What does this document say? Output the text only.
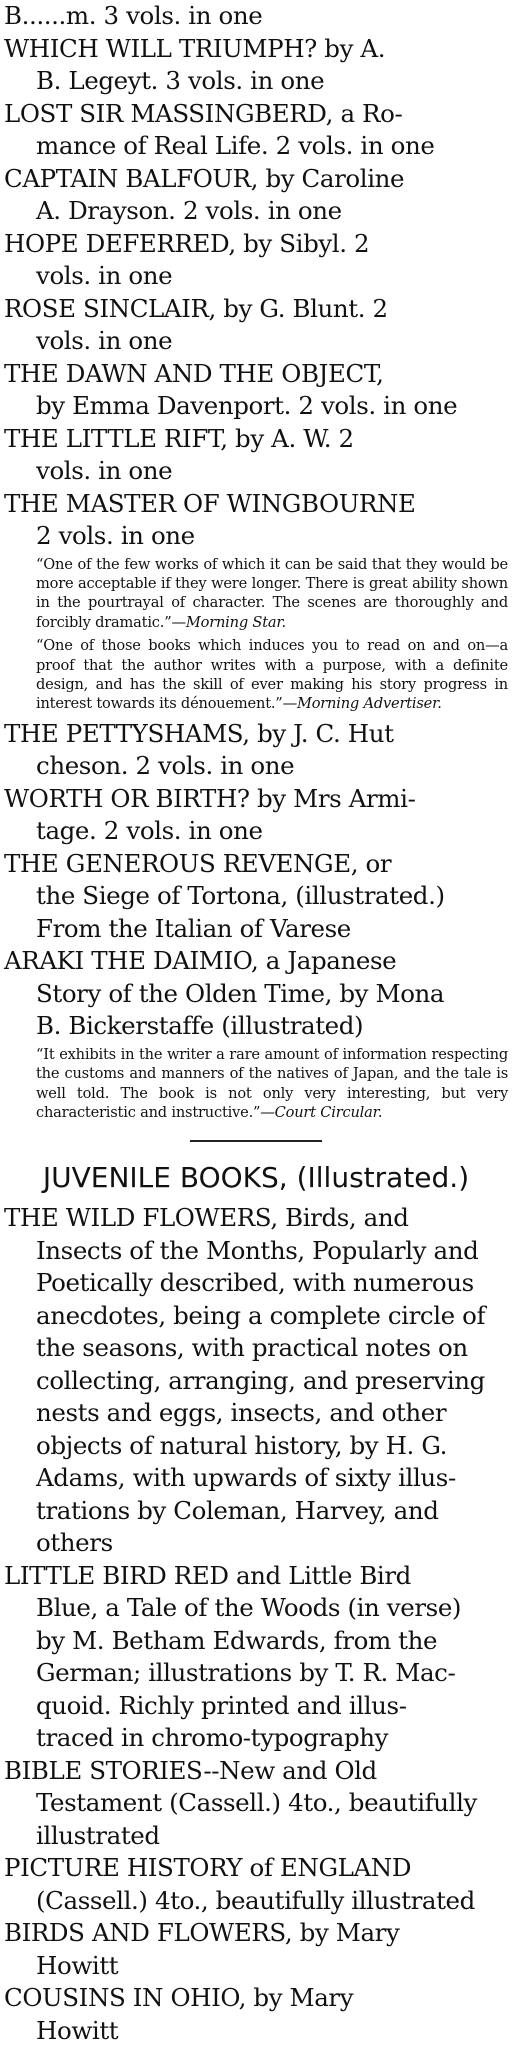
B......m. 3 vols. in one
WHICH WILL TRIUMPH? by A.
B. Legeyt. 3 vols. in one
LOST SIR MASSINGBERD, a Ro-
mance of Real Life. 2 vols. in one
CAPTAIN BALFOUR, by Caroline
A. Drayson. 2 vols. in one
HOPE DEFERRED, by Sibyl. 2
vols. in one
ROSE SINCLAIR, by G. Blunt. 2
vols. in one
THE DAWN AND THE OBJECT,
by Emma Davenport. 2 vols. in one
THE LITTLE RIFT, by A. W. 2
vols. in one
THE MASTER OF WINGBOURNE
2 vols. in one
“One of the few works of which it can be said that they would be more acceptable if they were longer. There is great ability shown in the pourtrayal of character. The scenes are thoroughly and forcibly dramatic.”—Morning Star.
“One of those books which induces you to read on and on—a proof that the author writes with a purpose, with a definite design, and has the skill of ever making his story progress in interest towards its dénouement.”—Morning Advertiser.
THE PETTYSHAMS, by J. C. Hut
cheson. 2 vols. in one
WORTH OR BIRTH? by Mrs Armi-
tage. 2 vols. in one
THE GENEROUS REVENGE, or
the Siege of Tortona, (illustrated.)
From the Italian of Varese
ARAKI THE DAIMIO, a Japanese
Story of the Olden Time, by Mona
B. Bickerstaffe (illustrated)
“It exhibits in the writer a rare amount of information respecting the customs and manners of the natives of Japan, and the tale is well told. The book is not only very interesting, but very characteristic and instructive.”—Court Circular.
JUVENILE BOOKS, (Illustrated.)
THE WILD FLOWERS, Birds, and
Insects of the Months, Popularly and
Poetically described, with numerous
anecdotes, being a complete circle of
the seasons, with practical notes on
collecting, arranging, and preserving
nests and eggs, insects, and other
objects of natural history, by H. G.
Adams, with upwards of sixty illus-
trations by Coleman, Harvey, and
others
LITTLE BIRD RED and Little Bird
Blue, a Tale of the Woods (in verse)
by M. Betham Edwards, from the
German; illustrations by T. R. Mac-
quoid. Richly printed and illus-
traced in chromo-typography
BIBLE STORIES--New and Old
Testament (Cassell.) 4to., beautifully
illustrated
PICTURE HISTORY of ENGLAND
(Cassell.) 4to., beautifully illustrated
BIRDS AND FLOWERS, by Mary
Howitt
COUSINS IN OHIO, by Mary
Howitt
